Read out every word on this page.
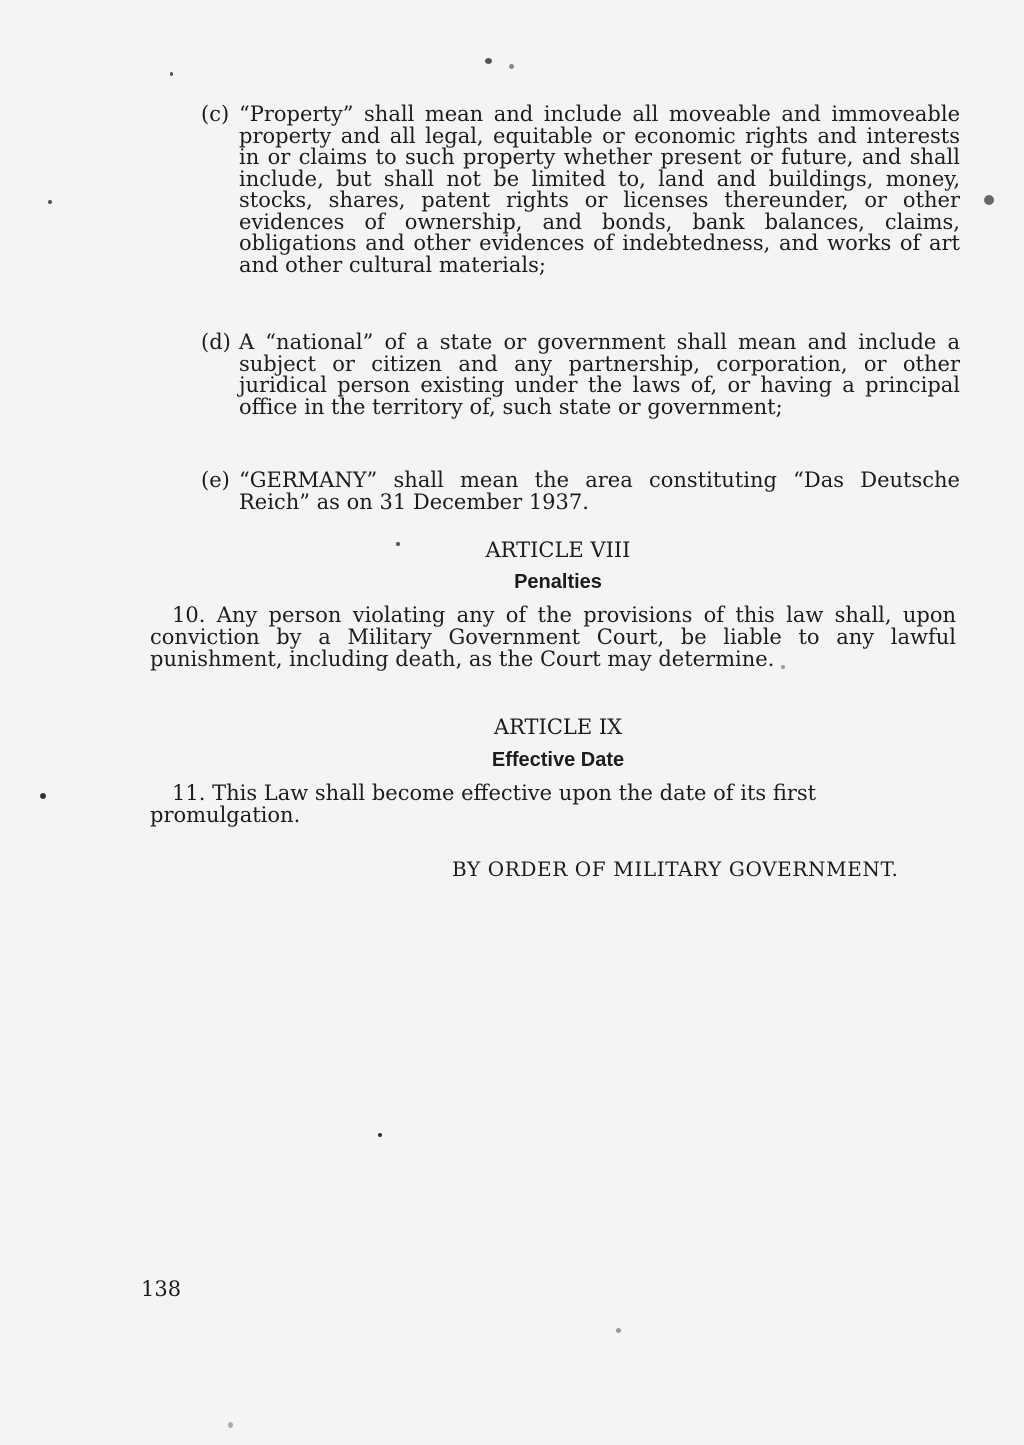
(c) “Property” shall mean and include all moveable and immoveable property and all legal, equitable or economic rights and interests in or claims to such property whether present or future, and shall include, but shall not be limited to, land and buildings, money, stocks, shares, patent rights or licenses thereunder, or other evidences of ownership, and bonds, bank balances, claims, obligations and other evidences of indebtedness, and works of art and other cultural materials;
(d) A “national” of a state or government shall mean and include a subject or citizen and any partnership, corporation, or other juridical person existing under the laws of, or having a principal office in the territory of, such state or government;
(e) “GERMANY” shall mean the area constituting “Das Deutsche Reich” as on 31 December 1937.
ARTICLE VIII
Penalties
10. Any person violating any of the provisions of this law shall, upon conviction by a Military Government Court, be liable to any lawful punishment, including death, as the Court may determine.
ARTICLE IX
Effective Date
11. This Law shall become effective upon the date of its first promulgation.
BY ORDER OF MILITARY GOVERNMENT.
138
